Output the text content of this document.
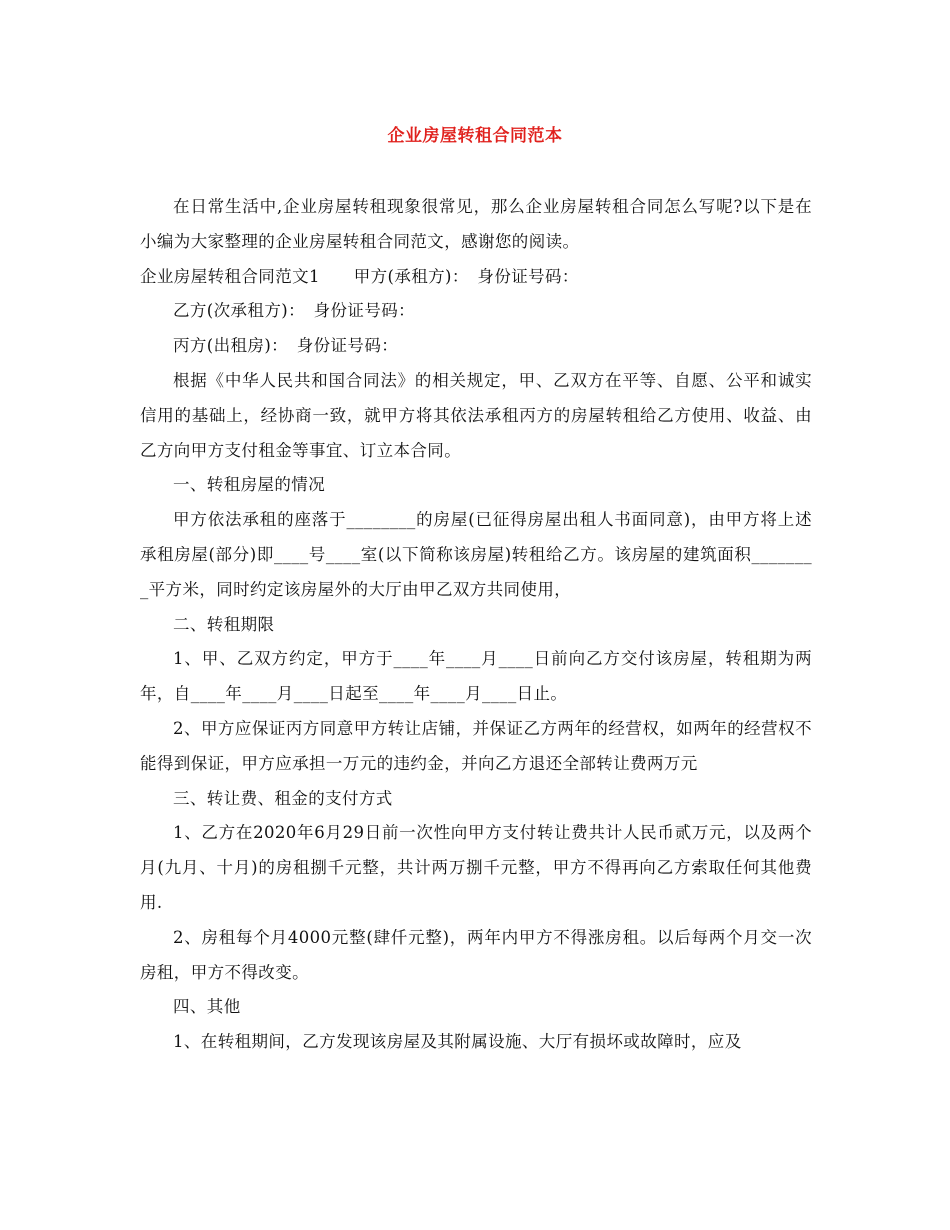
企业房屋转租合同范本

在日常生活中,企业房屋转租现象很常见，那么企业房屋转租合同怎么写呢?以下是在小编为大家整理的企业房屋转租合同范文，感谢您的阅读。

企业房屋转租合同范文1　　甲方(承租方)：　身份证号码：

乙方(次承租方)：　身份证号码：

丙方(出租房)：　身份证号码：

根据《中华人民共和国合同法》的相关规定，甲、乙双方在平等、自愿、公平和诚实信用的基础上，经协商一致，就甲方将其依法承租丙方的房屋转租给乙方使用、收益、由乙方向甲方支付租金等事宜、订立本合同。

一、转租房屋的情况

甲方依法承租的座落于________的房屋(已征得房屋出租人书面同意)，由甲方将上述承租房屋(部分)即____号____室(以下简称该房屋)转租给乙方。该房屋的建筑面积________平方米，同时约定该房屋外的大厅由甲乙双方共同使用，

二、转租期限

1、甲、乙双方约定，甲方于____年____月____日前向乙方交付该房屋，转租期为两年，自____年____月____日起至____年____月____日止。

2、甲方应保证丙方同意甲方转让店铺，并保证乙方两年的经营权，如两年的经营权不能得到保证，甲方应承担一万元的违约金，并向乙方退还全部转让费两万元

三、转让费、租金的支付方式

1、乙方在2020年6月29日前一次性向甲方支付转让费共计人民币贰万元，以及两个月(九月、十月)的房租捌千元整，共计两万捌千元整，甲方不得再向乙方索取任何其他费用.

2、房租每个月4000元整(肆仟元整)，两年内甲方不得涨房租。以后每两个月交一次房租，甲方不得改变。

四、其他

1、在转租期间，乙方发现该房屋及其附属设施、大厅有损坏或故障时，应及
